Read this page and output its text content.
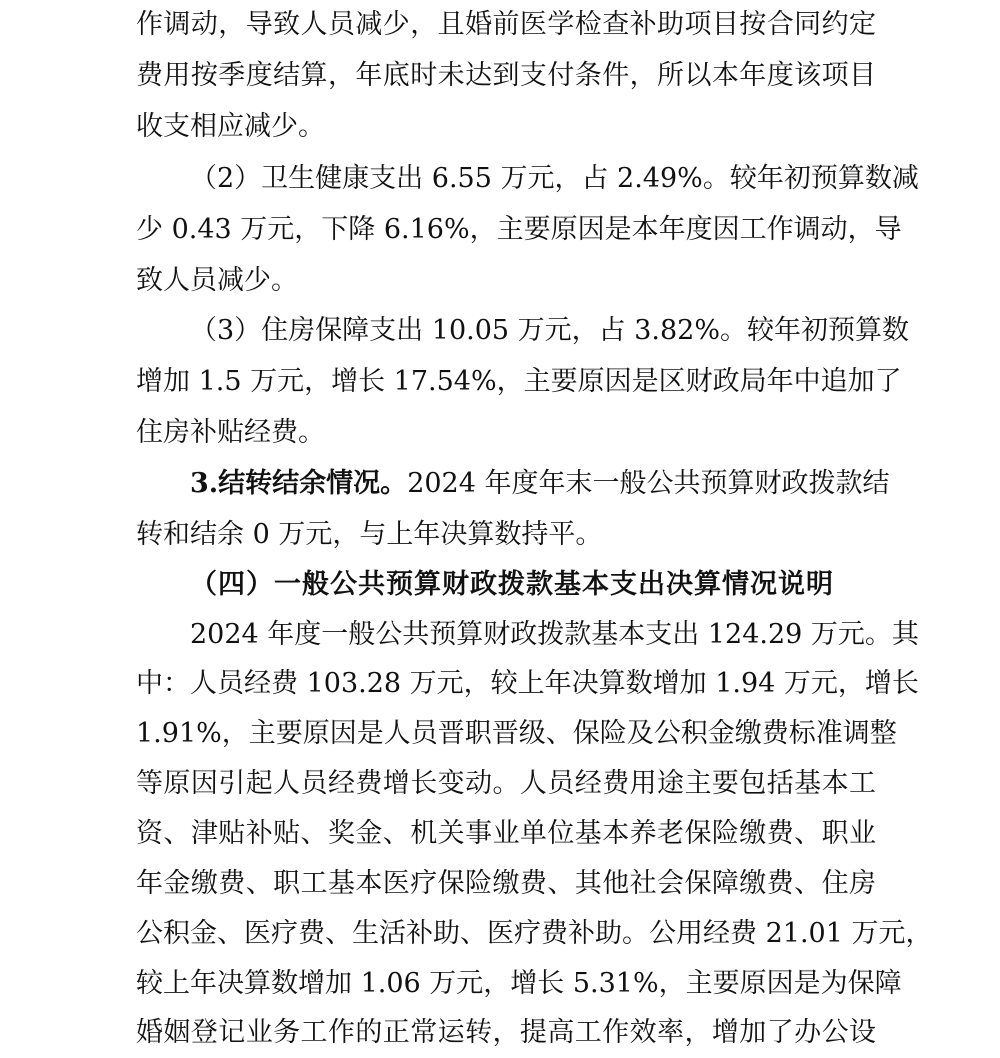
作调动，导致人员减少，且婚前医学检查补助项目按合同约定
费用按季度结算，年底时未达到支付条件，所以本年度该项目
收支相应减少。
（2）卫生健康支出 6.55 万元，占 2.49%。较年初预算数减
少 0.43 万元，下降 6.16%，主要原因是本年度因工作调动，导
致人员减少。
（3）住房保障支出 10.05 万元，占 3.82%。较年初预算数
增加 1.5 万元，增长 17.54%，主要原因是区财政局年中追加了
住房补贴经费。
3.结转结余情况。2024 年度年末一般公共预算财政拨款结
转和结余 0 万元，与上年决算数持平。
（四）一般公共预算财政拨款基本支出决算情况说明
2024 年度一般公共预算财政拨款基本支出 124.29 万元。其
中：人员经费 103.28 万元，较上年决算数增加 1.94 万元，增长
1.91%，主要原因是人员晋职晋级、保险及公积金缴费标准调整
等原因引起人员经费增长变动。人员经费用途主要包括基本工
资、津贴补贴、奖金、机关事业单位基本养老保险缴费、职业
年金缴费、职工基本医疗保险缴费、其他社会保障缴费、住房
公积金、医疗费、生活补助、医疗费补助。公用经费 21.01 万元，
较上年决算数增加 1.06 万元，增长 5.31%，主要原因是为保障
婚姻登记业务工作的正常运转，提高工作效率，增加了办公设
